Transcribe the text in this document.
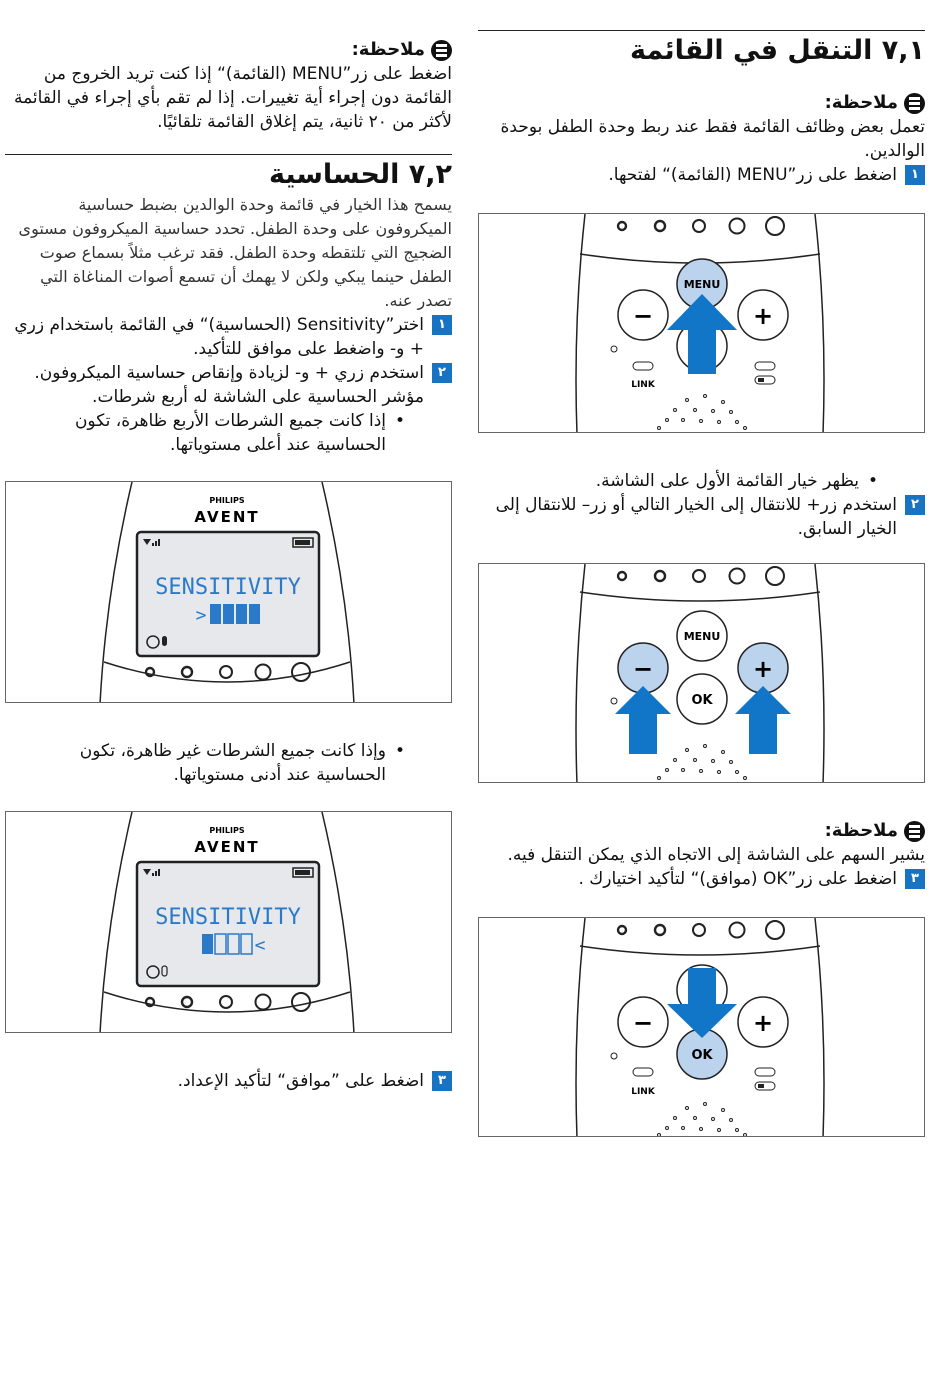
٧,١ التنقل في القائمة
ملاحظة:

تعمل بعض وظائف القائمة فقط عند ربط وحدة الطفل بوحدة الوالدين.

١
اضغط على زر”MENU (القائمة)“ لفتحها.
MENU
−	+
LINK
•
يظهر خيار القائمة الأول على الشاشة.
٢
استخدم زر+ للانتقال إلى الخيار التالي أو زر– للانتقال إلى الخيار السابق.
MENU
−	+
OK
ملاحظة:

يشير السهم على الشاشة إلى الاتجاه الذي يمكن التنقل فيه.

٣
اضغط على زر”OK (موافق)“ لتأكيد اختيارك .
−	+
OK
LINK
ملاحظة:

اضغط على زر”MENU (القائمة)“ إذا كنت تريد الخروج من القائمة دون إجراء أية تغييرات. إذا لم تقم بأي إجراء في القائمة لأكثر من ٢٠ ثانية، يتم إغلاق القائمة تلقائيًا.

٧,٢ الحساسية

يسمح هذا الخيار في قائمة وحدة الوالدين بضبط حساسية الميكروفون على وحدة الطفل. تحدد حساسية الميكروفون مستوى الضجيج التي تلتقطه وحدة الطفل. فقد ترغب مثلاً بسماع صوت الطفل حينما يبكي ولكن لا يهمك أن تسمع أصوات المناغاة التي تصدر عنه.

١
اختر”Sensitivity (الحساسية)“ في القائمة باستخدام زري + و- واضغط على موافق للتأكيد.
٢
استخدم زري + و- لزيادة وإنقاص حساسية الميكروفون. مؤشر الحساسية على الشاشة له أربع شرطات.
•
إذا كانت جميع الشرطات الأربع ظاهرة، تكون الحساسية عند أعلى مستوياتها.
PHILIPS
AVENT
SENSITIVITY
<
•
وإذا كانت جميع الشرطات غير ظاهرة، تكون الحساسية عند أدنى مستوياتها.
PHILIPS
AVENT
SENSITIVITY
>
٣
اضغط على ”موافق“ لتأكيد الإعداد.
